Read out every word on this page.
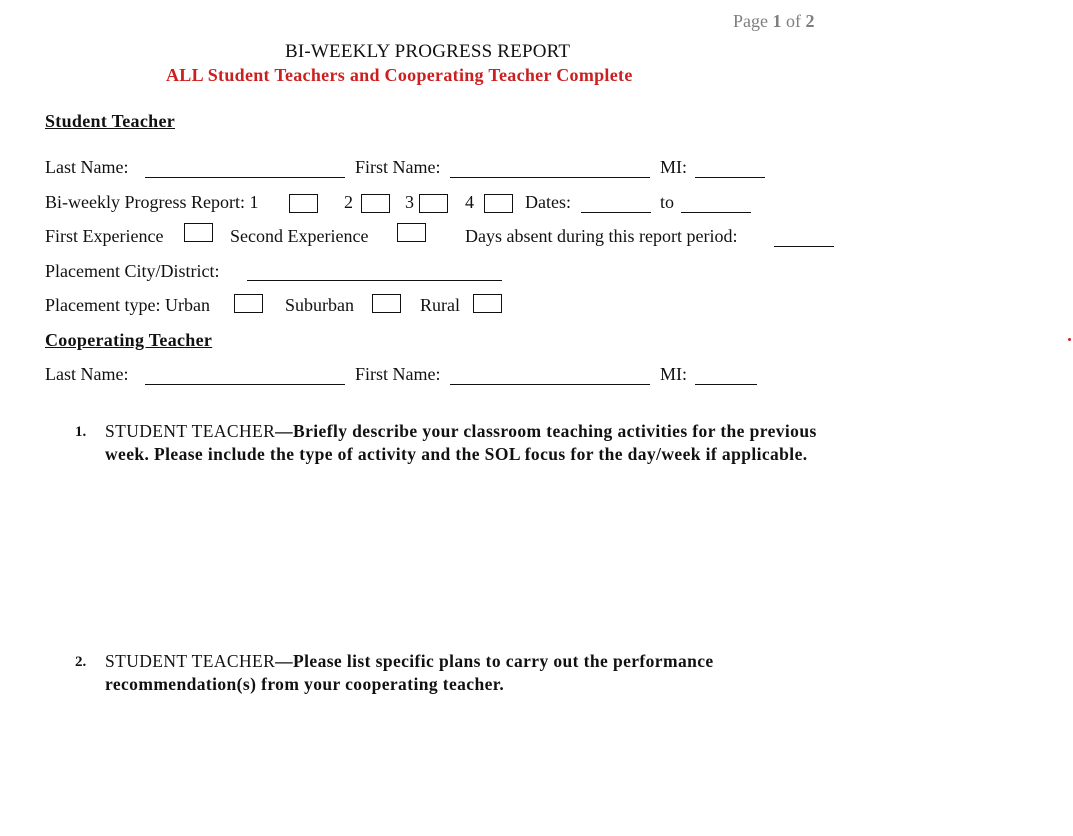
Page 1 of 2
BI-WEEKLY PROGRESS REPORT
ALL Student Teachers and Cooperating Teacher Complete
Student Teacher
Last Name:	First Name:	MI:
Bi-weekly Progress Report: 1	2	3	4	Dates:	to
First Experience	Second Experience	Days absent during this report period:
Placement City/District:
Placement type: Urban	Suburban	Rural
Cooperating Teacher
Last Name:	First Name:	MI:
1. STUDENT TEACHER—Briefly describe your classroom teaching activities for the previous week. Please include the type of activity and the SOL focus for the day/week if applicable.
2. STUDENT TEACHER—Please list specific plans to carry out the performance recommendation(s) from your cooperating teacher.
